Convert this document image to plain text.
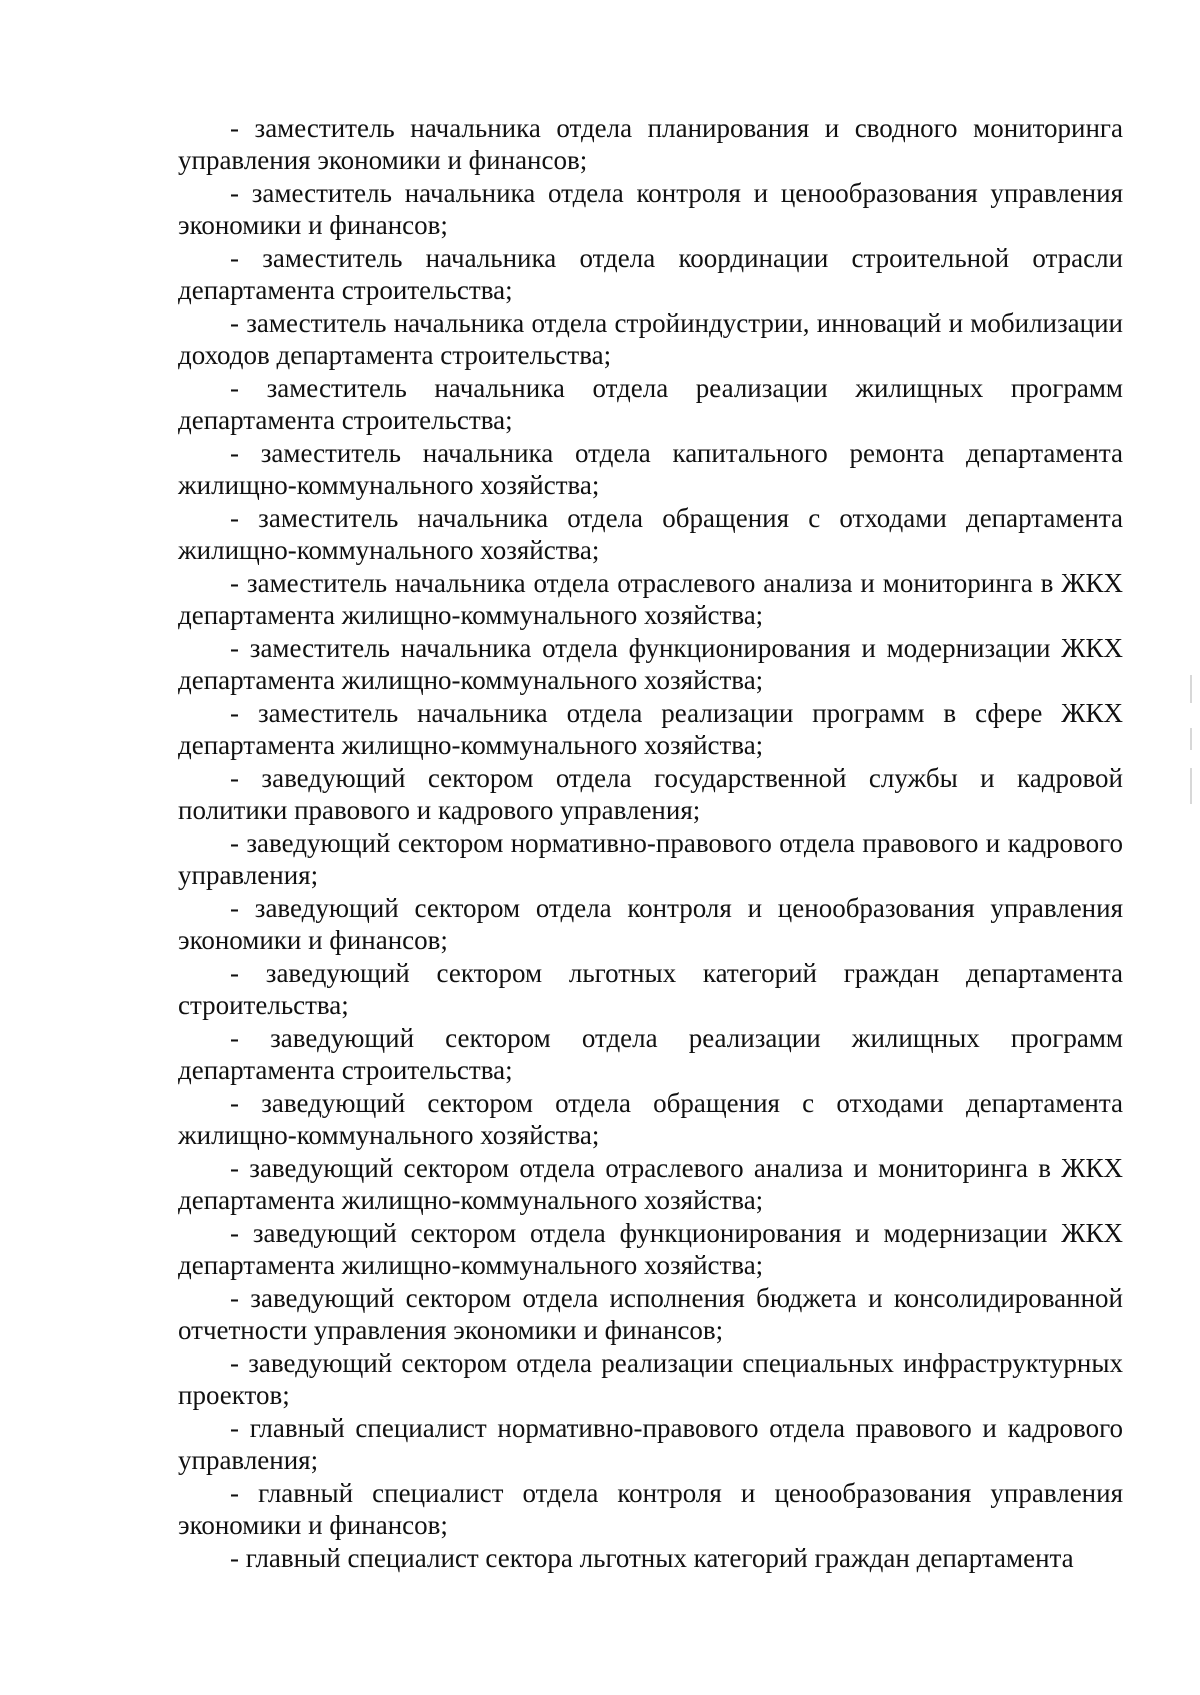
- заместитель начальника отдела планирования и сводного мониторинга управления экономики и финансов;

- заместитель начальника отдела контроля и ценообразования управления экономики и финансов;

- заместитель начальника отдела координации строительной отрасли департамента строительства;

- заместитель начальника отдела стройиндустрии, инноваций и мобилизации доходов департамента строительства;

- заместитель начальника отдела реализации жилищных программ департамента строительства;

- заместитель начальника отдела капитального ремонта департамента жилищно-коммунального хозяйства;

- заместитель начальника отдела обращения с отходами департамента жилищно-коммунального хозяйства;

- заместитель начальника отдела отраслевого анализа и мониторинга в ЖКХ департамента жилищно-коммунального хозяйства;

- заместитель начальника отдела функционирования и модернизации ЖКХ департамента жилищно-коммунального хозяйства;

- заместитель начальника отдела реализации программ в сфере ЖКХ департамента жилищно-коммунального хозяйства;

- заведующий сектором отдела государственной службы и кадровой политики правового и кадрового управления;

- заведующий сектором нормативно-правового отдела правового и кадрового управления;

- заведующий сектором отдела контроля и ценообразования управления экономики и финансов;

- заведующий сектором льготных категорий граждан департамента строительства;

- заведующий сектором отдела реализации жилищных программ департамента строительства;

- заведующий сектором отдела обращения с отходами департамента жилищно-коммунального хозяйства;

- заведующий сектором отдела отраслевого анализа и мониторинга в ЖКХ департамента жилищно-коммунального хозяйства;

- заведующий сектором отдела функционирования и модернизации ЖКХ департамента жилищно-коммунального хозяйства;

- заведующий сектором отдела исполнения бюджета и консолидированной отчетности управления экономики и финансов;

- заведующий сектором отдела реализации специальных инфраструктурных проектов;

- главный специалист нормативно-правового отдела правового и кадрового управления;

- главный специалист отдела контроля и ценообразования управления экономики и финансов;

- главный специалист сектора льготных категорий граждан департамента
